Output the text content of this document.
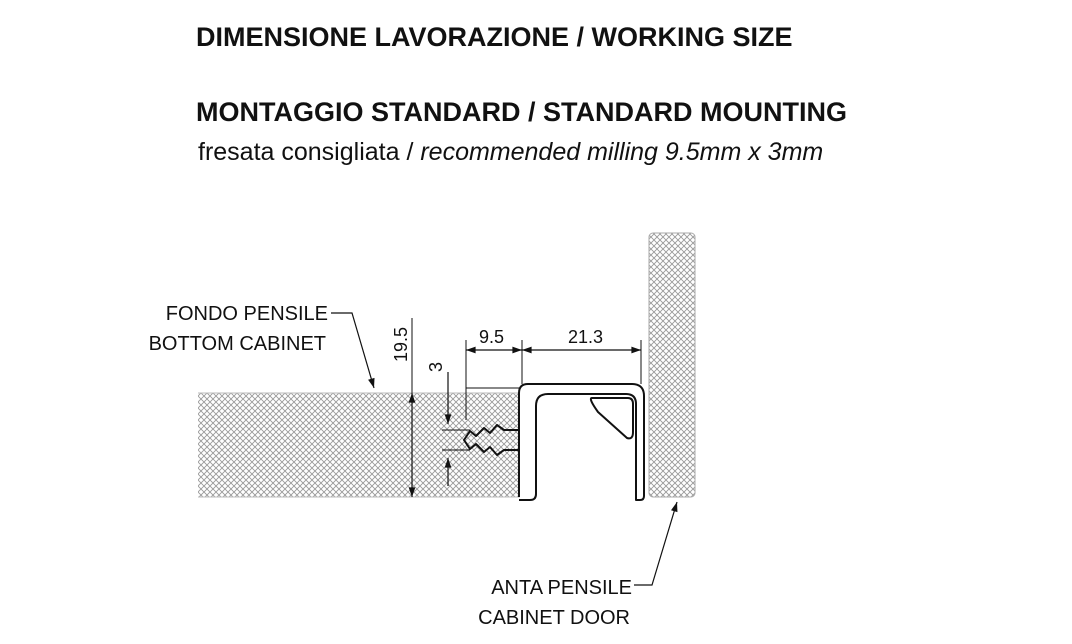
DIMENSIONE LAVORAZIONE / WORKING SIZE
MONTAGGIO STANDARD / STANDARD MOUNTING
fresata consigliata / recommended milling 9.5mm x 3mm
19.5
3
9.5	21.3
FONDO PENSILE
BOTTOM CABINET
ANTA PENSILE
CABINET DOOR
